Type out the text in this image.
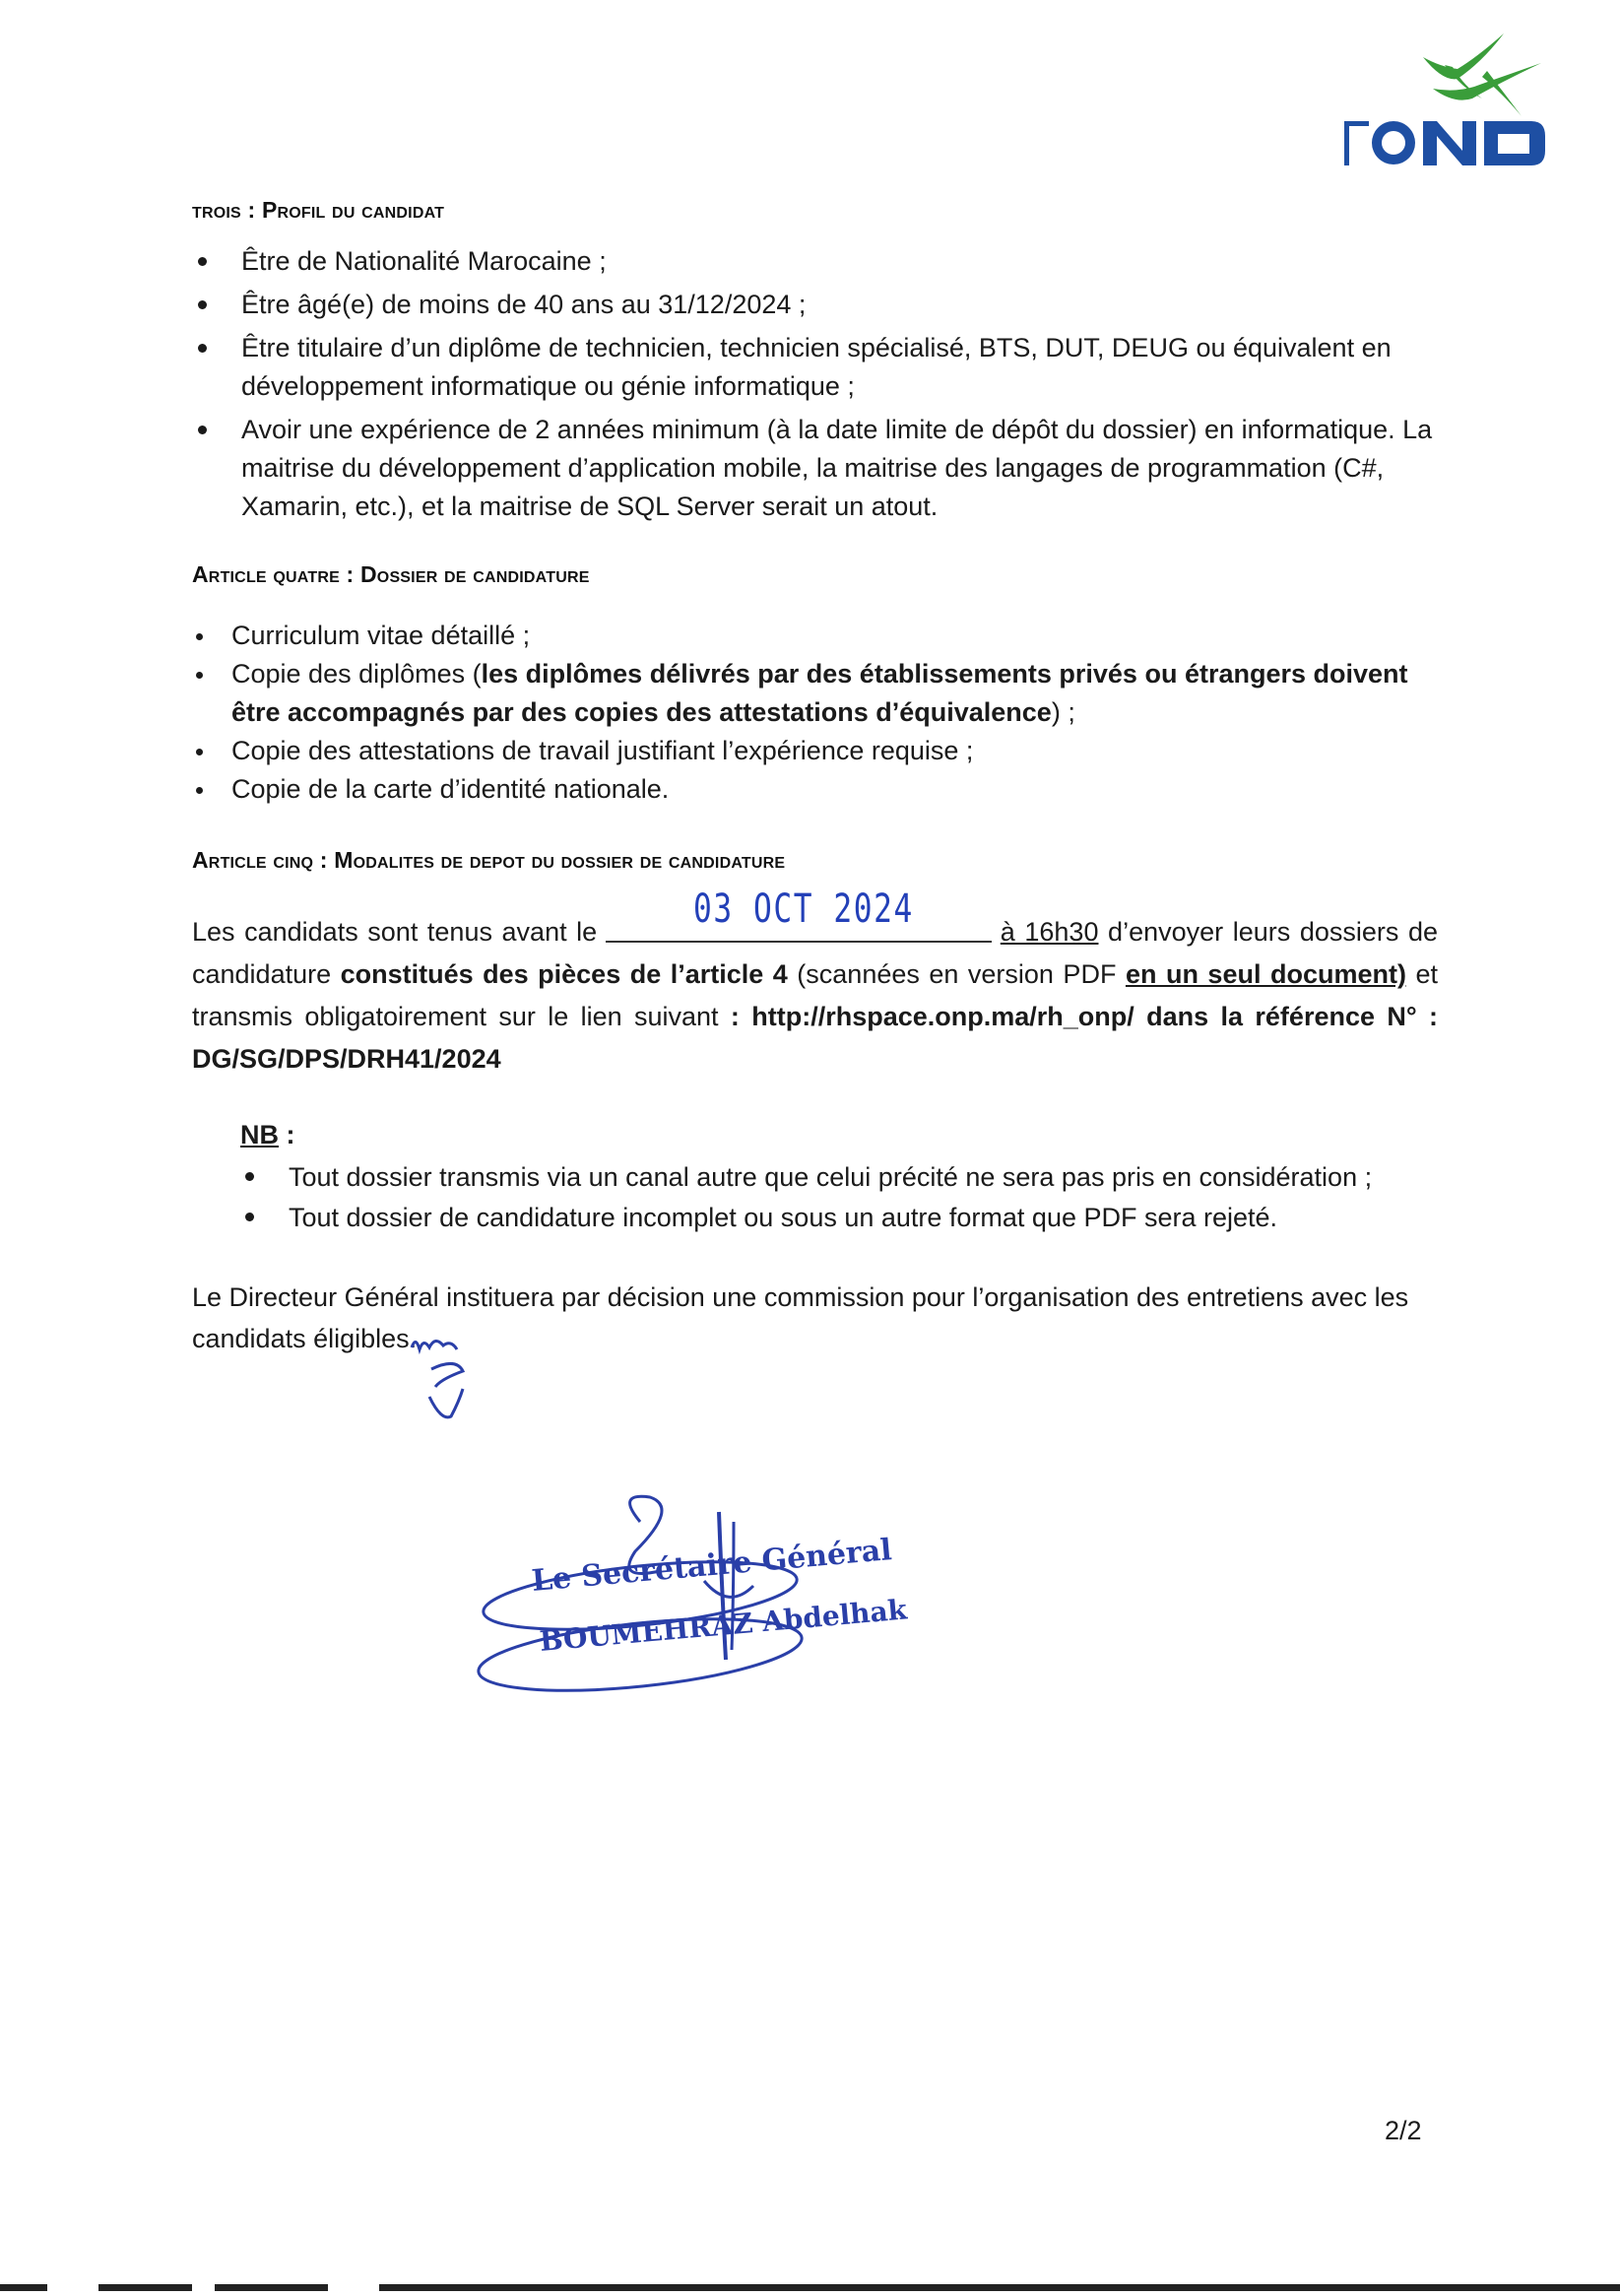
trois : Profil du candidat
Être de Nationalité Marocaine ;
Être âgé(e) de moins de 40 ans au 31/12/2024 ;
Être titulaire d’un diplôme de technicien, technicien spécialisé, BTS, DUT, DEUG ou équivalent en développement informatique ou génie informatique ;
Avoir une expérience de 2 années minimum (à la date limite de dépôt du dossier) en informatique. La maitrise du développement d’application mobile, la maitrise des langages de programmation (C#, Xamarin, etc.), et la maitrise de SQL Server serait un atout.
Article quatre : Dossier de candidature
Curriculum vitae détaillé ;
Copie des diplômes (les diplômes délivrés par des établissements privés ou étrangers doivent être accompagnés par des copies des attestations d’équivalence) ;
Copie des attestations de travail justifiant l’expérience requise ;
Copie de la carte d’identité nationale.
Article cinq : Modalites de depot du dossier de candidature
03 OCT 2024
Les candidats sont tenus avant le	à 16h30 d’envoyer leurs dossiers de candidature constitués des pièces de l’article 4 (scannées en version PDF en un seul document) et transmis obligatoirement sur le lien suivant : http://rhspace.onp.ma/rh_onp/ dans la référence N° : DG/SG/DPS/DRH41/2024
NB :
Tout dossier transmis via un canal autre que celui précité ne sera pas pris en considération ;
Tout dossier de candidature incomplet ou sous un autre format que PDF sera rejeté.
Le Directeur Général instituera par décision une commission pour l’organisation des entretiens avec les candidats éligibles.
Le Secrétaire Général
BOUMEHRAZ Abdelhak
2/2
